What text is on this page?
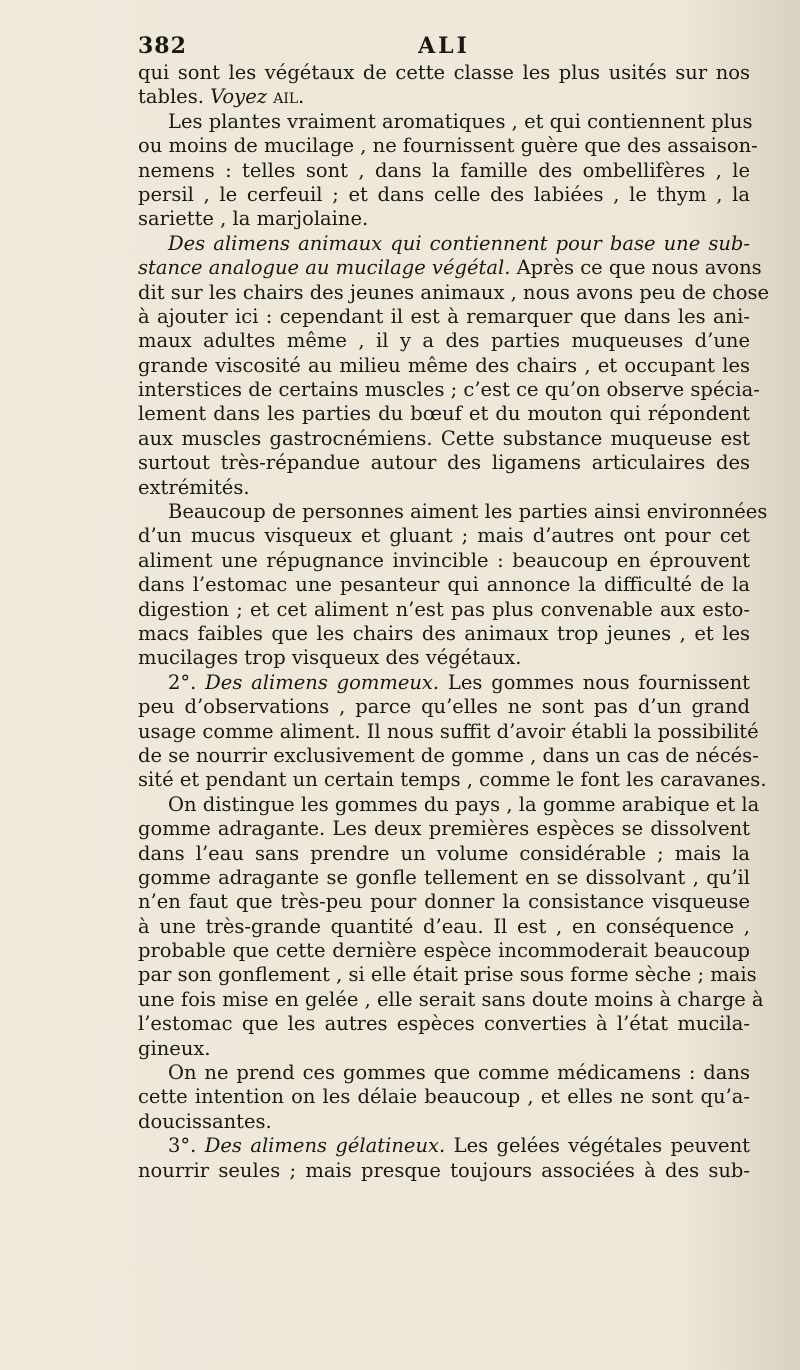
382	ALI
qui sont les végétaux de cette classe les plus usités sur nos
tables. Voyez ail.
Les plantes vraiment aromatiques , et qui contiennent plus
ou moins de mucilage , ne fournissent guère que des assaison-
nemens : telles sont , dans la famille des ombellifères , le
persil , le cerfeuil ; et dans celle des labiées , le thym , la
sariette , la marjolaine.
Des alimens animaux qui contiennent pour base une sub-
stance analogue au mucilage végétal. Après ce que nous avons
dit sur les chairs des jeunes animaux , nous avons peu de chose
à ajouter ici : cependant il est à remarquer que dans les ani-
maux adultes même , il y a des parties muqueuses d’une
grande viscosité au milieu même des chairs , et occupant les
interstices de certains muscles ; c’est ce qu’on observe spécia-
lement dans les parties du bœuf et du mouton qui répondent
aux muscles gastrocnémiens. Cette substance muqueuse est
surtout très-répandue autour des ligamens articulaires des
extrémités.
Beaucoup de personnes aiment les parties ainsi environnées
d’un mucus visqueux et gluant ; mais d’autres ont pour cet
aliment une répugnance invincible : beaucoup en éprouvent
dans l’estomac une pesanteur qui annonce la difficulté de la
digestion ; et cet aliment n’est pas plus convenable aux esto-
macs faibles que les chairs des animaux trop jeunes , et les
mucilages trop visqueux des végétaux.
2°. Des alimens gommeux. Les gommes nous fournissent
peu d’observations , parce qu’elles ne sont pas d’un grand
usage comme aliment. Il nous suffit d’avoir établi la possibilité
de se nourrir exclusivement de gomme , dans un cas de nécés-
sité et pendant un certain temps , comme le font les caravanes.
On distingue les gommes du pays , la gomme arabique et la
gomme adragante. Les deux premières espèces se dissolvent
dans l’eau sans prendre un volume considérable ; mais la
gomme adragante se gonfle tellement en se dissolvant , qu’il
n’en faut que très-peu pour donner la consistance visqueuse
à une très-grande quantité d’eau. Il est , en conséquence ,
probable que cette dernière espèce incommoderait beaucoup
par son gonflement , si elle était prise sous forme sèche ; mais
une fois mise en gelée , elle serait sans doute moins à charge à
l’estomac que les autres espèces converties à l’état mucila-
gineux.
On ne prend ces gommes que comme médicamens : dans
cette intention on les délaie beaucoup , et elles ne sont qu’a-
doucissantes.
3°. Des alimens gélatineux. Les gelées végétales peuvent
nourrir seules ; mais presque toujours associées à des sub-
